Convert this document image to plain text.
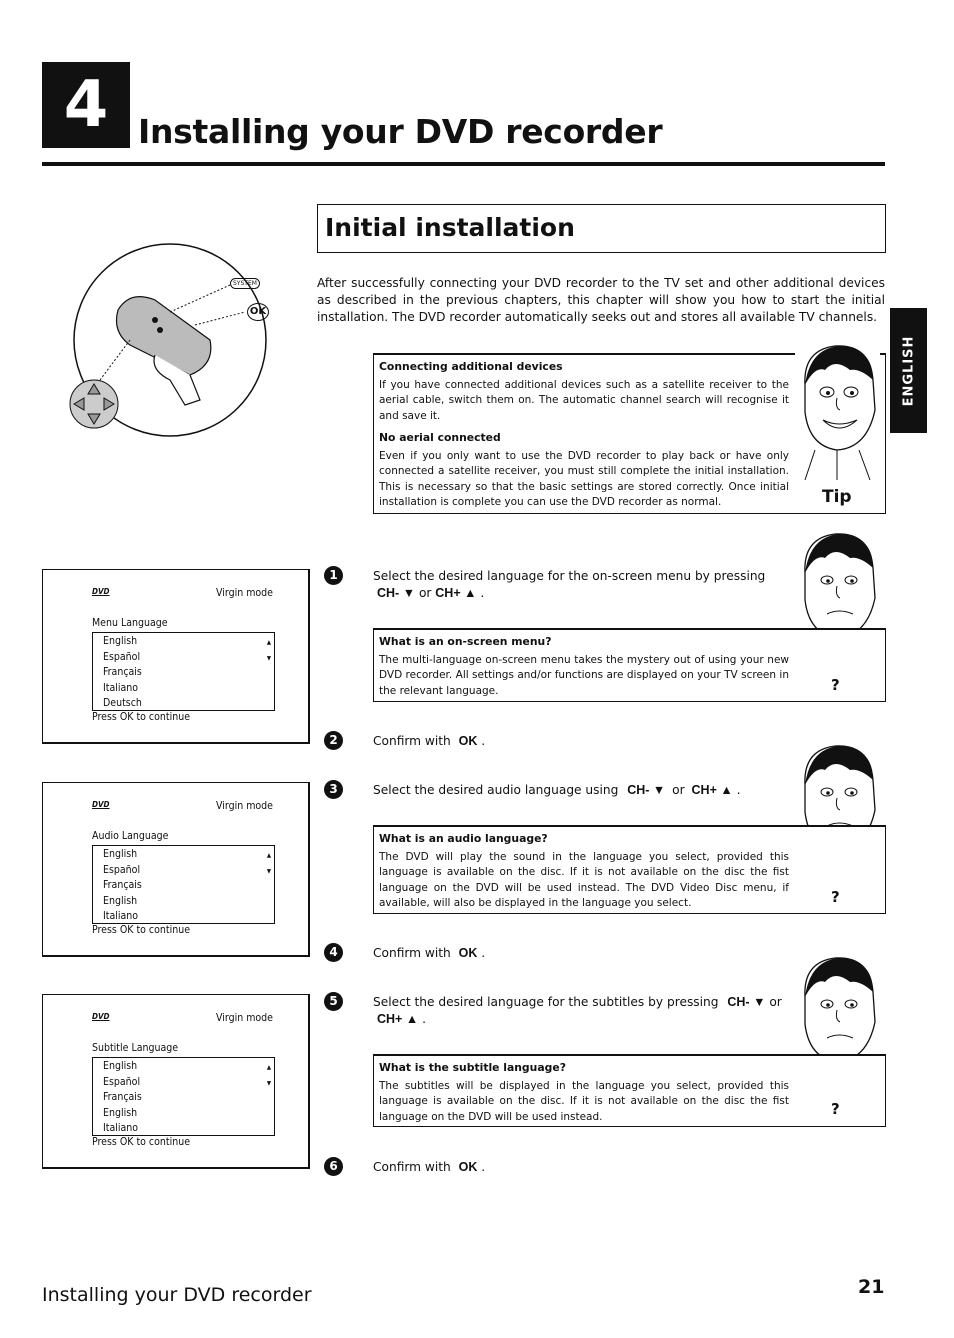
4 Installing your DVD recorder
Initial installation
SYSTEM
OK
After successfully connecting your DVD recorder to the TV set and other additional devices as described in the previous chapters, this chapter will show you how to start the initial installation. The DVD recorder automatically seeks out and stores all available TV channels.
ENGLISH
Connecting additional devices

If you have connected additional devices such as a satellite receiver to the aerial cable, switch them on. The automatic channel search will recognise it and save it.

No aerial connected

Even if you only want to use the DVD recorder to play back or have only connected a satellite receiver, you must still complete the initial installation. This is necessary so that the basic settings are stored correctly. Once initial installation is complete you can use the DVD recorder as normal.	Tip
1	Select the desired language for the on-screen menu by pressing
CH- ▼ or CH+ ▲ .
What is an on-screen menu?

The multi-language on-screen menu takes the mystery out of using your new DVD recorder. All settings and/or functions are displayed on your TV screen in the relevant language.	?
2	Confirm with OK .
3	Select the desired audio language using CH- ▼ or CH+ ▲ .
What is an audio language?

The DVD will play the sound in the language you select, provided this language is available on the disc. If it is not available on the disc the fist language on the DVD will be used instead. The DVD Video Disc menu, if available, will also be displayed in the language you select.	?
4	Confirm with OK .
5	Select the desired language for the subtitles by pressing CH- ▼ or
CH+ ▲ .
What is the subtitle language?

The subtitles will be displayed in the language you select, provided this language is available on the disc. If it is not available on the disc the fist language on the DVD will be used instead.	?
6	Confirm with OK .
DVD	Virgin mode
Menu Language
▲
▼
English
Español
Français
Italiano
Deutsch
Press OK to continue
DVD	Virgin mode
Audio Language
▲
▼
English
Español
Français
English
Italiano
Press OK to continue
DVD	Virgin mode
Subtitle Language
▲
▼
English
Español
Français
English
Italiano
Press OK to continue
Installing your DVD recorder	21
